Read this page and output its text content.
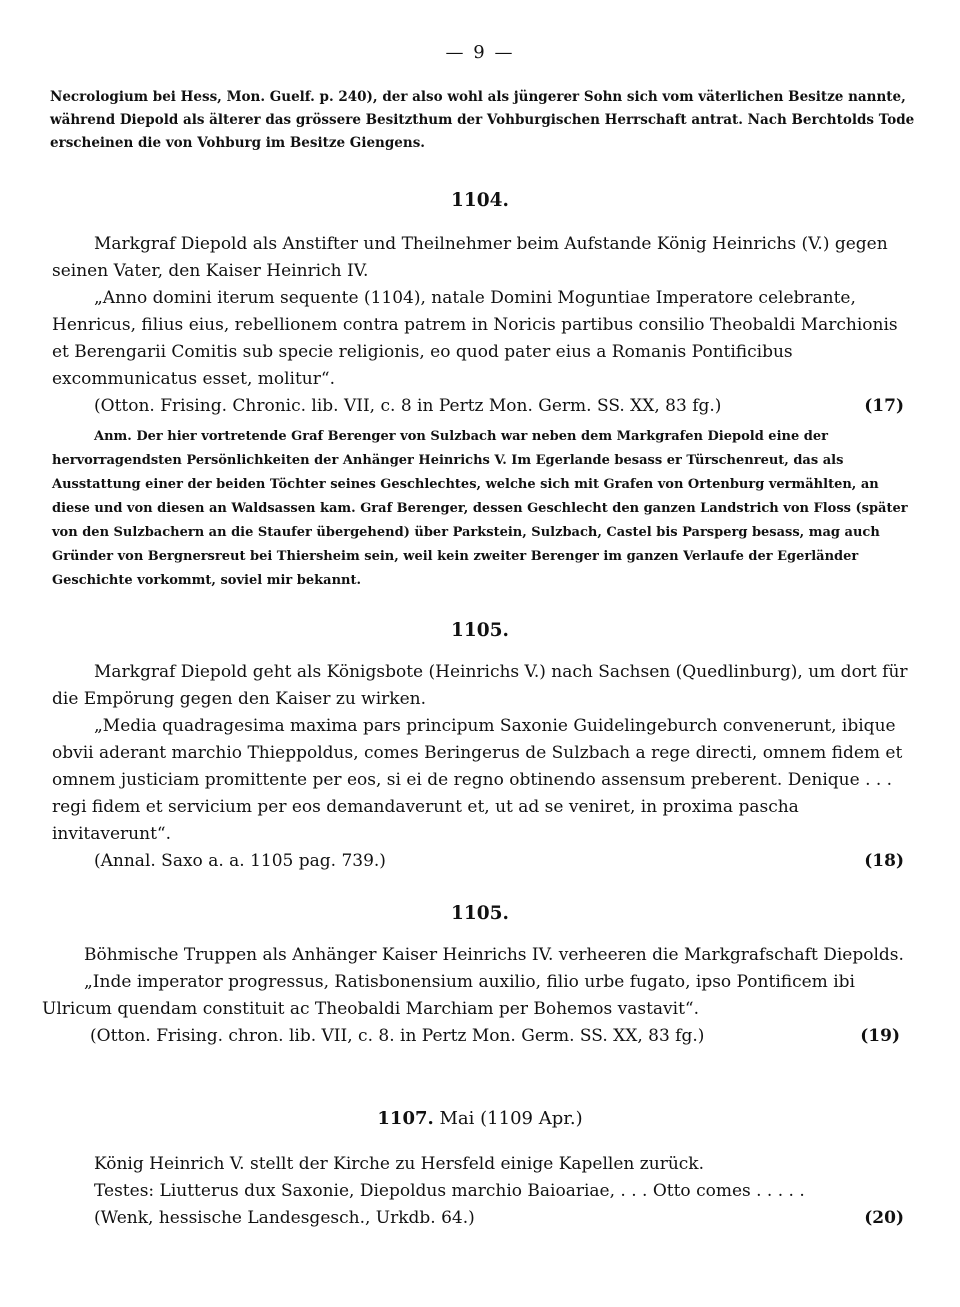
— 9 —

Necrologium bei Hess, Mon. Guelf. p. 240), der also wohl als jüngerer Sohn sich vom väterlichen Besitze nannte, während Diepold als älterer das grössere Besitzthum der Vohburgischen Herrschaft antrat. Nach Berchtolds Tode erscheinen die von Vohburg im Besitze Giengens.

1104.

Markgraf Diepold als Anstifter und Theilnehmer beim Aufstande König Heinrichs (V.) gegen seinen Vater, den Kaiser Heinrich IV.

„Anno domini iterum sequente (1104), natale Domini Moguntiae Imperatore celebrante, Henricus, filius eius, rebellionem contra patrem in Noricis partibus consilio Theobaldi Marchionis et Berengarii Comitis sub specie religionis, eo quod pater eius a Romanis Pontificibus excommunicatus esset, molitur“.

(Otton. Frising. Chronic. lib. VII, c. 8 in Pertz Mon. Germ. SS. XX, 83 fg.)	(17)

Anm. Der hier vortretende Graf Berenger von Sulzbach war neben dem Markgrafen Diepold eine der hervorragendsten Persönlichkeiten der Anhänger Heinrichs V. Im Egerlande besass er Türschenreut, das als Ausstattung einer der beiden Töchter seines Geschlechtes, welche sich mit Grafen von Ortenburg vermählten, an diese und von diesen an Waldsassen kam. Graf Berenger, dessen Geschlecht den ganzen Landstrich von Floss (später von den Sulzbachern an die Staufer übergehend) über Parkstein, Sulzbach, Castel bis Parsperg besass, mag auch Gründer von Bergnersreut bei Thiersheim sein, weil kein zweiter Berenger im ganzen Verlaufe der Egerländer Geschichte vorkommt, soviel mir bekannt.

1105.

Markgraf Diepold geht als Königsbote (Heinrichs V.) nach Sachsen (Quedlinburg), um dort für die Empörung gegen den Kaiser zu wirken.

„Media quadragesima maxima pars principum Saxonie Guidelingeburch convenerunt, ibique obvii aderant marchio Thieppoldus, comes Beringerus de Sulzbach a rege directi, omnem fidem et omnem justiciam promittente per eos, si ei de regno obtinendo assensum preberent. Denique . . . regi fidem et servicium per eos demandaverunt et, ut ad se veniret, in proxima pascha invitaverunt“.

(Annal. Saxo a. a. 1105 pag. 739.)	(18)
1105.

Böhmische Truppen als Anhänger Kaiser Heinrichs IV. verheeren die Markgrafschaft Diepolds.

„Inde imperator progressus, Ratisbonensium auxilio, filio urbe fugato, ipso Pontificem ibi Ulricum quendam constituit ac Theobaldi Marchiam per Bohemos vastavit“.

(Otton. Frising. chron. lib. VII, c. 8. in Pertz Mon. Germ. SS. XX, 83 fg.)	(19)
1107. Mai (1109 Apr.)

König Heinrich V. stellt der Kirche zu Hersfeld einige Kapellen zurück.

Testes: Liutterus dux Saxonie, Diepoldus marchio Baioariae, . . . Otto comes . . . . .

(Wenk, hessische Landesgesch., Urkdb. 64.)	(20)
